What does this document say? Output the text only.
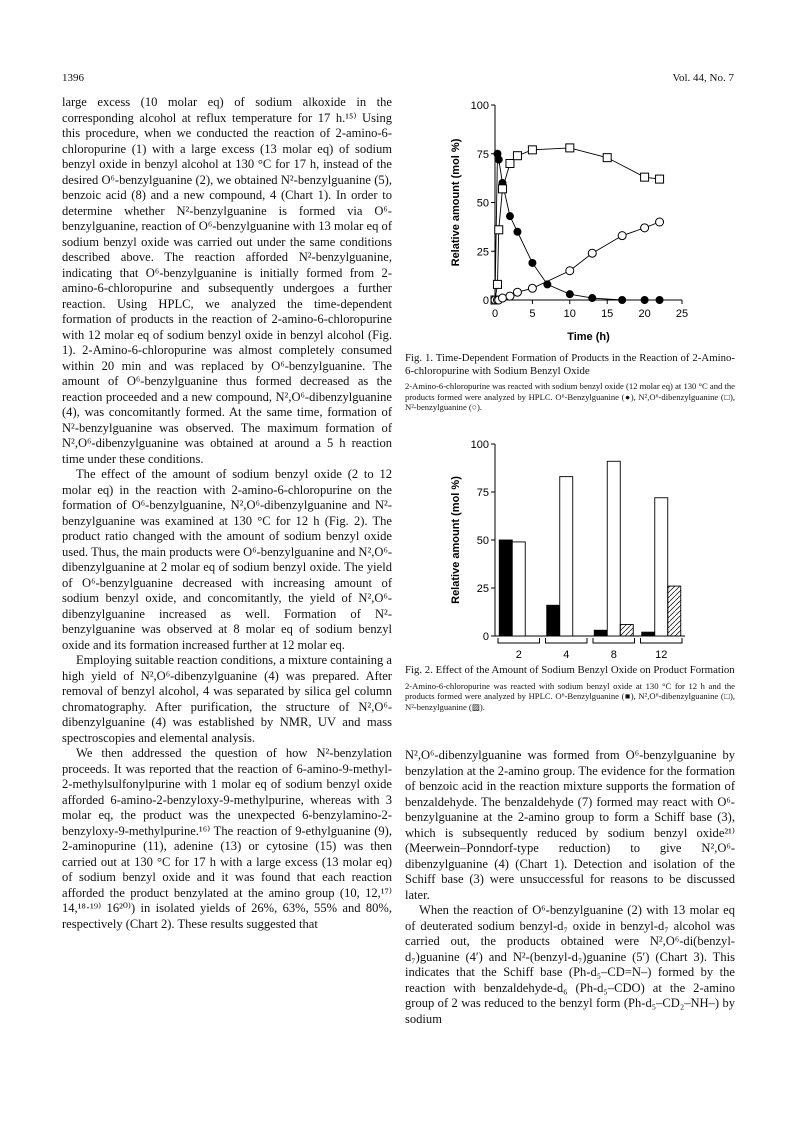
1396	Vol. 44, No. 7

large excess (10 molar eq) of sodium alkoxide in the corresponding alcohol at reflux temperature for 17 h.¹⁵⁾ Using this procedure, when we conducted the reaction of 2-amino-6-chloropurine (1) with a large excess (13 molar eq) of sodium benzyl oxide in benzyl alcohol at 130 °C for 17 h, instead of the desired O⁶-benzylguanine (2), we obtained N²-benzylguanine (5), benzoic acid (8) and a new compound, 4 (Chart 1). In order to determine whether N²-benzylguanine is formed via O⁶-benzylguanine, reaction of O⁶-benzylguanine with 13 molar eq of sodium benzyl oxide was carried out under the same conditions described above. The reaction afforded N²-benzylguanine, indicating that O⁶-benzylguanine is initially formed from 2-amino-6-chloropurine and subsequently undergoes a further reaction. Using HPLC, we analyzed the time-dependent formation of products in the reaction of 2-amino-6-chloropurine with 12 molar eq of sodium benzyl oxide in benzyl alcohol (Fig. 1). 2-Amino-6-chloropurine was almost completely consumed within 20 min and was replaced by O⁶-benzylguanine. The amount of O⁶-benzylguanine thus formed decreased as the reaction proceeded and a new compound, N²,O⁶-dibenzylguanine (4), was concomitantly formed. At the same time, formation of N²-benzylguanine was observed. The maximum formation of N²,O⁶-dibenzylguanine was obtained at around a 5 h reaction time under these conditions.

The effect of the amount of sodium benzyl oxide (2 to 12 molar eq) in the reaction with 2-amino-6-chloropurine on the formation of O⁶-benzylguanine, N²,O⁶-dibenzylguanine and N²-benzylguanine was examined at 130 °C for 12 h (Fig. 2). The product ratio changed with the amount of sodium benzyl oxide used. Thus, the main products were O⁶-benzylguanine and N²,O⁶-dibenzylguanine at 2 molar eq of sodium benzyl oxide. The yield of O⁶-benzylguanine decreased with increasing amount of sodium benzyl oxide, and concomitantly, the yield of N²,O⁶-dibenzylguanine increased as well. Formation of N²-benzylguanine was observed at 8 molar eq of sodium benzyl oxide and its formation increased further at 12 molar eq.

Employing suitable reaction conditions, a mixture containing a high yield of N²,O⁶-dibenzylguanine (4) was prepared. After removal of benzyl alcohol, 4 was separated by silica gel column chromatography. After purification, the structure of N²,O⁶-dibenzylguanine (4) was established by NMR, UV and mass spectroscopies and elemental analysis.

We then addressed the question of how N²-benzylation proceeds. It was reported that the reaction of 6-amino-9-methyl-2-methylsulfonylpurine with 1 molar eq of sodium benzyl oxide afforded 6-amino-2-benzyloxy-9-methylpurine, whereas with 3 molar eq, the product was the unexpected 6-benzylamino-2-benzyloxy-9-methylpurine.¹⁶⁾ The reaction of 9-ethylguanine (9), 2-aminopurine (11), adenine (13) or cytosine (15) was then carried out at 130 °C for 17 h with a large excess (13 molar eq) of sodium benzyl oxide and it was found that each reaction afforded the product benzylated at the amino group (10, 12,¹⁷⁾ 14,¹⁸·¹⁹⁾ 16²⁰⁾) in isolated yields of 26%, 63%, 55% and 80%, respectively (Chart 2). These results suggested that

0
25
50
75
100
0	5	10 15 20 25
Time (h)
Relative amount (mol %)

Fig. 1. Time-Dependent Formation of Products in the Reaction of 2-Amino-6-chloropurine with Sodium Benzyl Oxide

2-Amino-6-chloropurine was reacted with sodium benzyl oxide (12 molar eq) at 130 °C and the products formed were analyzed by HPLC. O⁶-Benzylguanine (●), N²,O⁶-dibenzylguanine (□), N²-benzylguanine (○).

0
25
50
75
100
2	4	8	12
Relative amount (mol %)

Fig. 2. Effect of the Amount of Sodium Benzyl Oxide on Product Formation

2-Amino-6-chloropurine was reacted with sodium benzyl oxide at 130 °C for 12 h and the products formed were analyzed by HPLC. O⁶-Benzylguanine (■), N²,O⁶-dibenzylguanine (□), N²-benzylguanine (▨).

N²,O⁶-dibenzylguanine was formed from O⁶-benzylguanine by benzylation at the 2-amino group. The evidence for the formation of benzoic acid in the reaction mixture supports the formation of benzaldehyde. The benzaldehyde (7) formed may react with O⁶-benzylguanine at the 2-amino group to form a Schiff base (3), which is subsequently reduced by sodium benzyl oxide²¹⁾ (Meerwein–Ponndorf-type reduction) to give N²,O⁶-dibenzylguanine (4) (Chart 1). Detection and isolation of the Schiff base (3) were unsuccessful for reasons to be discussed later.

When the reaction of O⁶-benzylguanine (2) with 13 molar eq of deuterated sodium benzyl-d₇ oxide in benzyl-d₇ alcohol was carried out, the products obtained were N²,O⁶-di(benzyl-d₇)guanine (4′) and N²-(benzyl-d₇)guanine (5′) (Chart 3). This indicates that the Schiff base (Ph-d₅–CD=N–) formed by the reaction with benzaldehyde-d₆ (Ph-d₅–CDO) at the 2-amino group of 2 was reduced to the benzyl form (Ph-d₅–CD₂–NH–) by sodium
